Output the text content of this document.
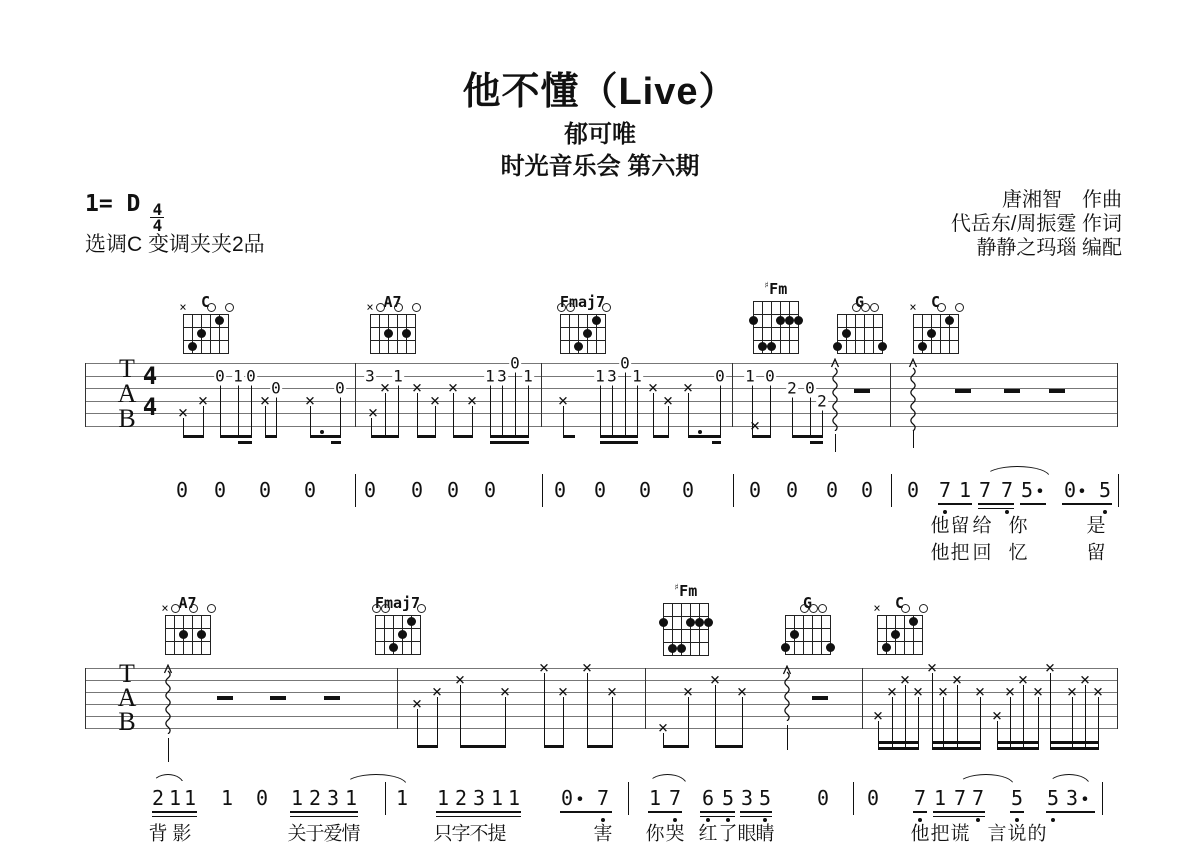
他不懂（Live）
郁可唯
时光音乐会 第六期
1= D $\frac{4}{4}$
选调C 变调夹夹2品
唐湘智　作曲
代岳东/周振霆 作词
静静之玛瑙 编配
C
×	A7
×	Fmaj7
♯Fm
G	C
×
A7
×	Fmaj7
♯Fm
G	C
×
T
A
B
4
4 ×
×
0 1 0
×
0
×
0
3
×
×
1
×
×
×
×
1 3
0
1
×
1 3
0
1
×
×
×
0 1
×
0
2 0
2
T
A
B
×
×
×
×
×
×
×
×
×
×
×
×
×
×
×
×
×
×
×
×
×
×
×
×
×
×
×
×
0 0 0 0 0 0 0 0	0 0 0 0	0 0 0 0 0 7 1 7 7 5 • 0 • 5
他 留 给 你	是
他 把 回 忆	留
2 1 1 1 0 1 2 3 1 1 1 2 3 1 1 0 • 7 1 7 6 5 3 5 0 0 7 1 7 7 5 5 3 •
背 影	关
于
爱
情	只
字
不
提	害 你 哭 红 了 眼
睛	他 把 谎 言 说 的
